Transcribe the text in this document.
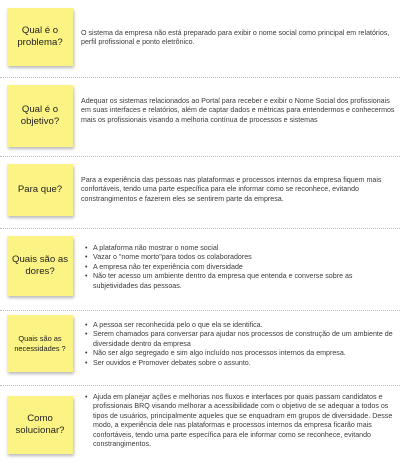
Qual é o problema?

O sistema da empresa não está preparado para exibir o nome social como principal em relatórios, perfil profissional e ponto eletrônico.

Qual é o objetivo?

Adequar os sistemas relacionados ao Portal para receber e exibir o Nome Social dos profissionais em suas interfaces e relatórios, além de captar dados e métricas para entendermos e conhecermos mais os profissionais visando a melhoria contínua de processos e sistemas

Para que?

Para a experiência das pessoas nas plataformas e processos internos da empresa fiquem mais confortáveis, tendo uma parte específica para ele informar como se reconhece, evitando constrangimentos e fazerem eles se sentirem parte da empresa.

Quais são as dores?
• A plataforma não mostrar o nome social
• Vazar o "nome morto"para todos os colaboradores
• A empresa não ter experiência com diversidade
• Não ter acesso um ambiente dentro da empresa que entenda e converse sobre as subjetividades das pessoas.
Quais são as necessidades ?
• A pessoa ser reconhecida pelo o que ela se identifica.
• Serem chamados para conversar para ajudar nos processos de construção de um ambiente de diversidade dentro da empresa
• Não ser algo segregado e sim algo incluído nos processos internos da empresa.
• Ser ouvidos e Promover debates sobre o assunto.
Como solucionar?
• Ajuda em planejar ações e melhorias nos fluxos e interfaces por quais passam candidatos e profissionais BRQ visando melhorar a acessibilidade com o objetivo de se adequar a todos os tipos de usuários, principalmente aqueles que se enquadram em grupos de diversidade. Desse modo, a experiência dele nas plataformas e processos internos da empresa ficarão mais confortáveis, tendo uma parte específica para ele informar como se reconhece, evitando constrangimentos.
